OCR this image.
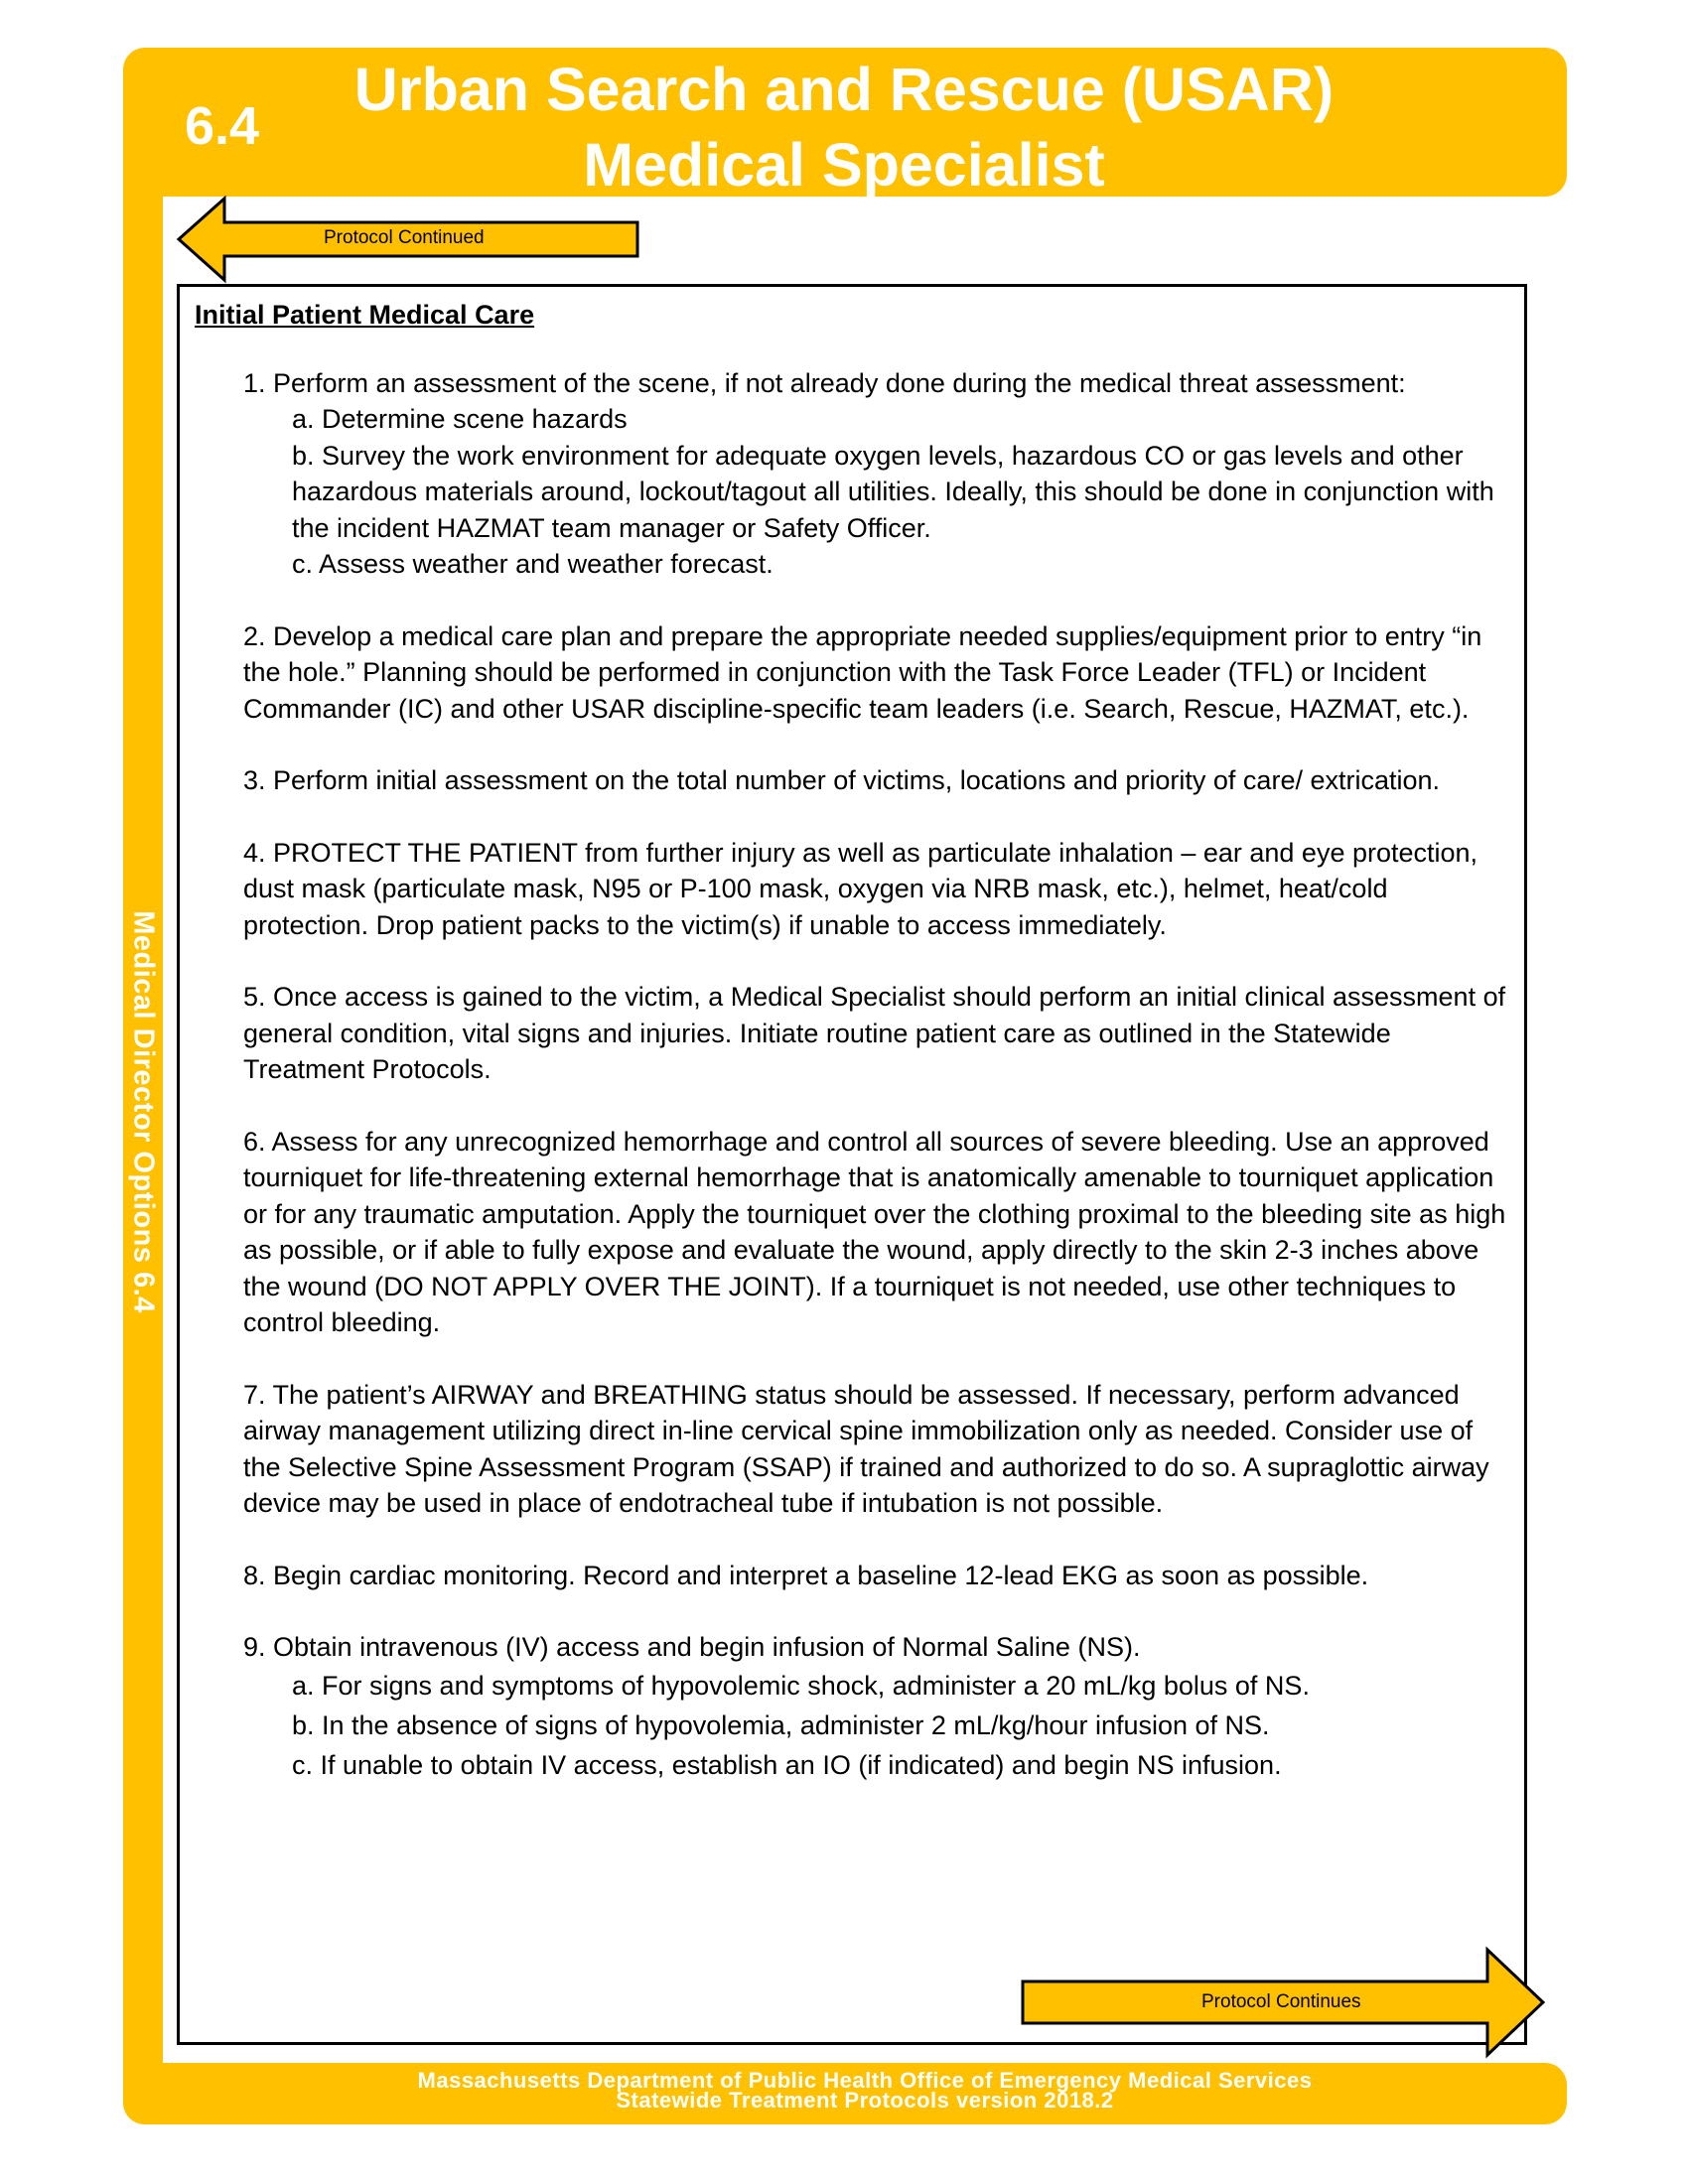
6.4
Urban Search and Rescue (USAR)
Medical Specialist
Medical Director Options 6.4
Protocol Continued
Initial Patient Medical Care
1. Perform an assessment of the scene, if not already done during the medical threat assessment:
a. Determine scene hazards
b. Survey the work environment for adequate oxygen levels, hazardous CO or gas levels and other hazardous materials around, lockout/tagout all utilities. Ideally, this should be done in conjunction with the incident HAZMAT team manager or Safety Officer.
c. Assess weather and weather forecast.
2. Develop a medical care plan and prepare the appropriate needed supplies/equipment prior to entry “in the hole.” Planning should be performed in conjunction with the Task Force Leader (TFL) or Incident Commander (IC) and other USAR discipline-specific team leaders (i.e. Search, Rescue, HAZMAT, etc.).
3. Perform initial assessment on the total number of victims, locations and priority of care/ extrication.
4. PROTECT THE PATIENT from further injury as well as particulate inhalation – ear and eye protection, dust mask (particulate mask, N95 or P-100 mask, oxygen via NRB mask, etc.), helmet, heat/cold protection. Drop patient packs to the victim(s) if unable to access immediately.
5. Once access is gained to the victim, a Medical Specialist should perform an initial clinical assessment of general condition, vital signs and injuries. Initiate routine patient care as outlined in the Statewide Treatment Protocols.
6. Assess for any unrecognized hemorrhage and control all sources of severe bleeding. Use an approved tourniquet for life-threatening external hemorrhage that is anatomically amenable to tourniquet application or for any traumatic amputation. Apply the tourniquet over the clothing proximal to the bleeding site as high as possible, or if able to fully expose and evaluate the wound, apply directly to the skin 2-3 inches above the wound (DO NOT APPLY OVER THE JOINT). If a tourniquet is not needed, use other techniques to control bleeding.
7. The patient’s AIRWAY and BREATHING status should be assessed. If necessary, perform advanced airway management utilizing direct in-line cervical spine immobilization only as needed. Consider use of the Selective Spine Assessment Program (SSAP) if trained and authorized to do so. A supraglottic airway device may be used in place of endotracheal tube if intubation is not possible.
8. Begin cardiac monitoring. Record and interpret a baseline 12-lead EKG as soon as possible.
9. Obtain intravenous (IV) access and begin infusion of Normal Saline (NS).
a. For signs and symptoms of hypovolemic shock, administer a 20 mL/kg bolus of NS.
b. In the absence of signs of hypovolemia, administer 2 mL/kg/hour infusion of NS.
c. If unable to obtain IV access, establish an IO (if indicated) and begin NS infusion.
Protocol Continues
Massachusetts Department of Public Health Office of Emergency Medical Services
Statewide Treatment Protocols version 2018.2
